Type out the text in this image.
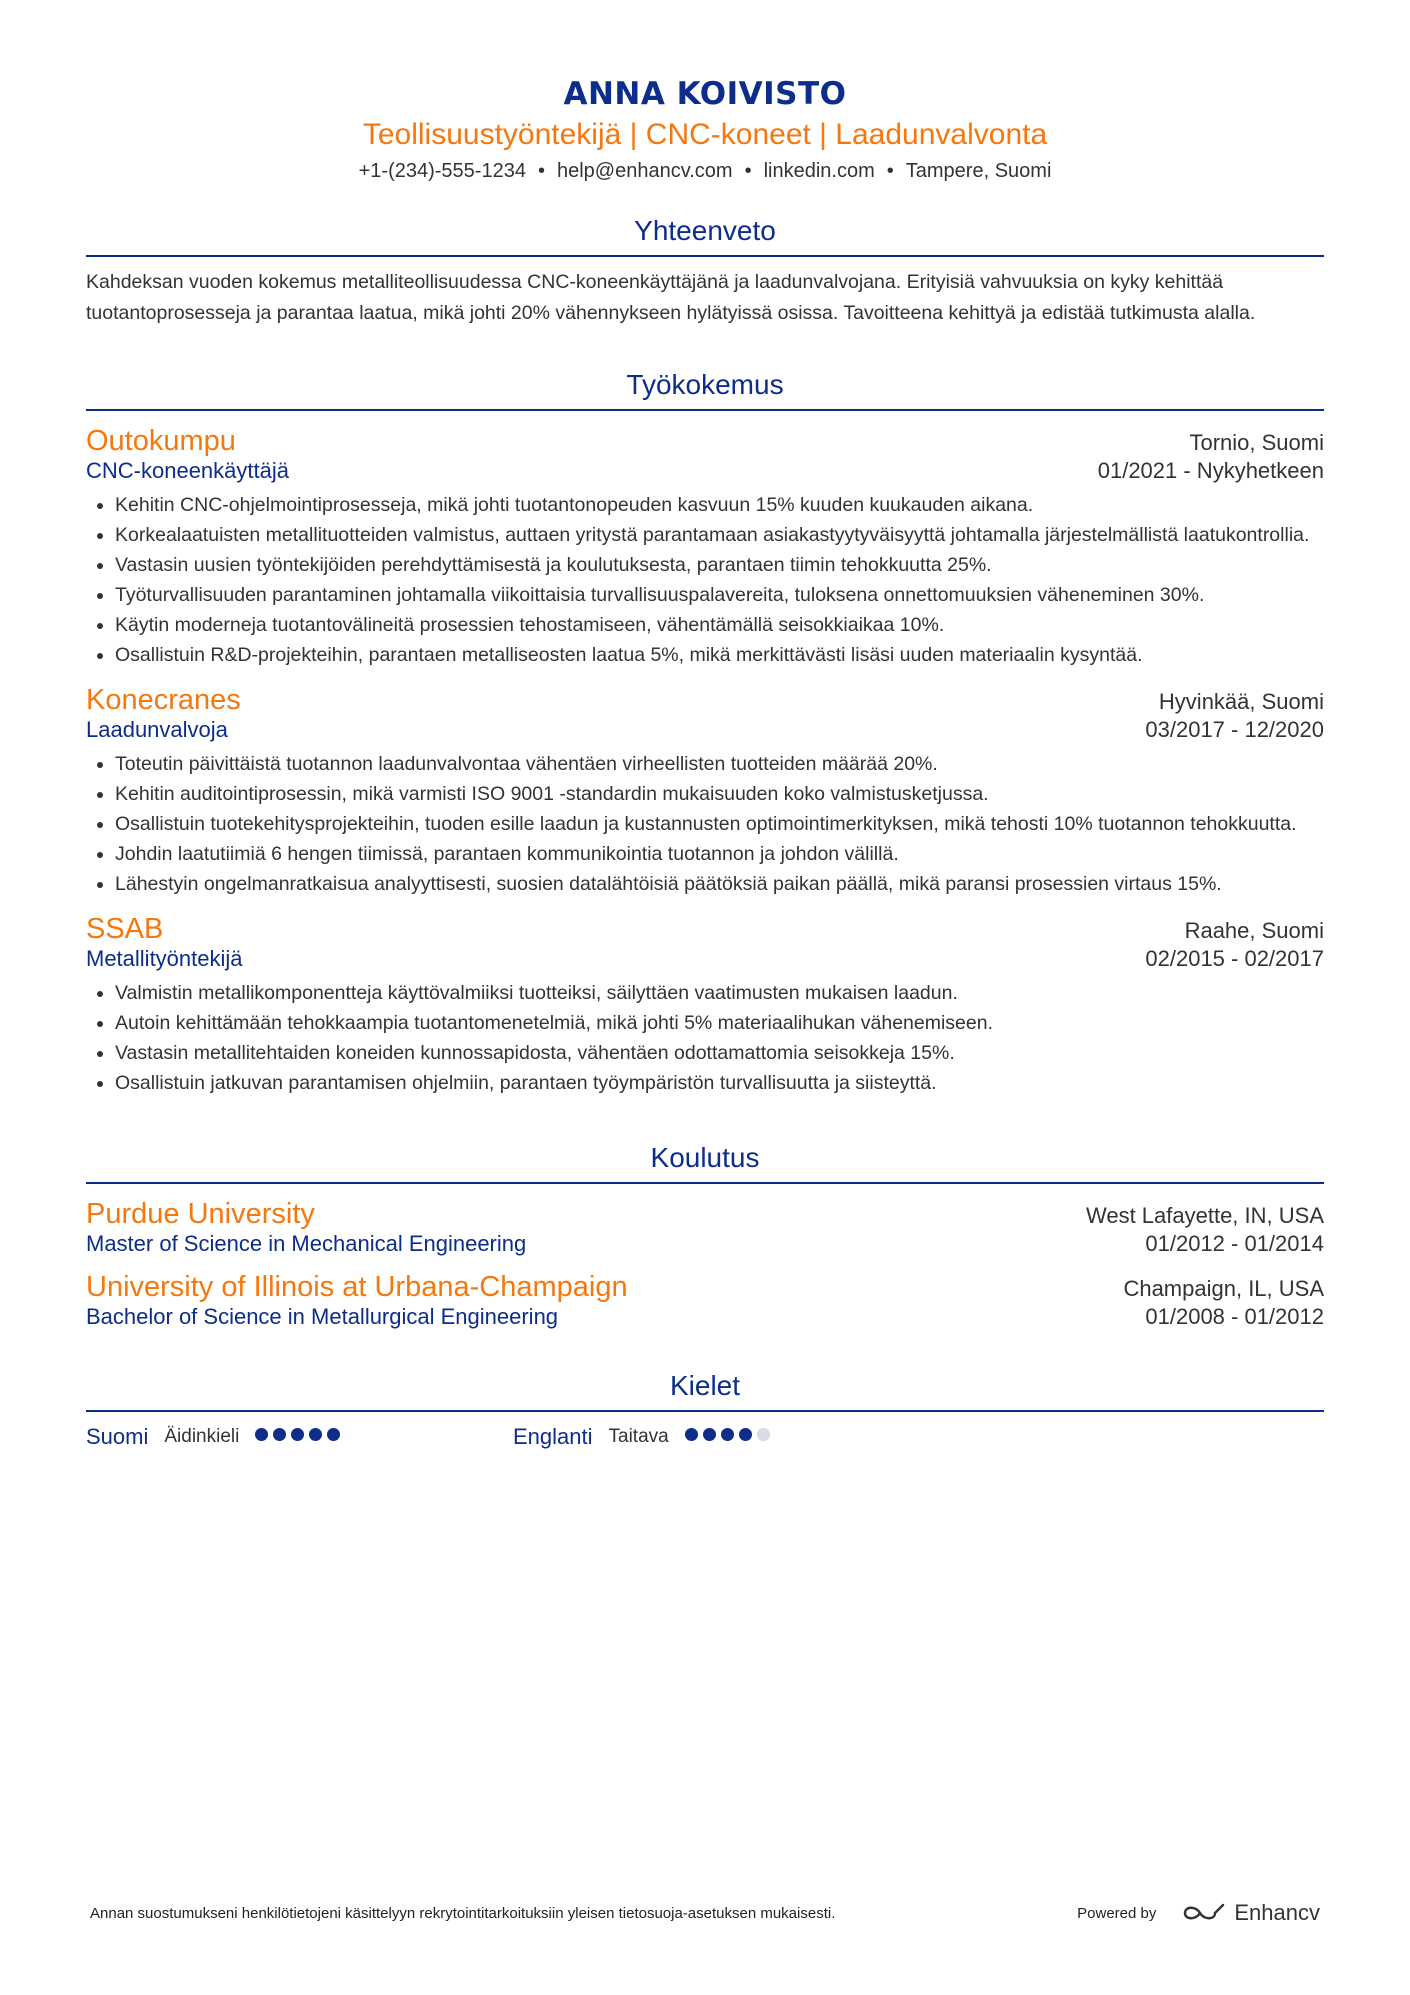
ANNA KOIVISTO
Teollisuustyöntekijä | CNC-koneet | Laadunvalvonta
+1-(234)-555-1234 • help@enhancv.com • linkedin.com • Tampere, Suomi
Yhteenveto
Kahdeksan vuoden kokemus metalliteollisuudessa CNC-koneenkäyttäjänä ja laadunvalvojana. Erityisiä vahvuuksia on kyky kehittää tuotantoprosesseja ja parantaa laatua, mikä johti 20% vähennykseen hylätyissä osissa. Tavoitteena kehittyä ja edistää tutkimusta alalla.
Työkokemus
Outokumpu	Tornio, Suomi
CNC-koneenkäyttäjä	01/2021 - Nykyhetkeen
• Kehitin CNC-ohjelmointiprosesseja, mikä johti tuotantonopeuden kasvuun 15% kuuden kuukauden aikana.
• Korkealaatuisten metallituotteiden valmistus, auttaen yritystä parantamaan asiakastyytyväisyyttä johtamalla järjestelmällistä laatukontrollia.
• Vastasin uusien työntekijöiden perehdyttämisestä ja koulutuksesta, parantaen tiimin tehokkuutta 25%.
• Työturvallisuuden parantaminen johtamalla viikoittaisia turvallisuuspalavereita, tuloksena onnettomuuksien väheneminen 30%.
• Käytin moderneja tuotantovälineitä prosessien tehostamiseen, vähentämällä seisokkiaikaa 10%.
• Osallistuin R&D-projekteihin, parantaen metalliseosten laatua 5%, mikä merkittävästi lisäsi uuden materiaalin kysyntää.
Konecranes	Hyvinkää, Suomi
Laadunvalvoja	03/2017 - 12/2020
• Toteutin päivittäistä tuotannon laadunvalvontaa vähentäen virheellisten tuotteiden määrää 20%.
• Kehitin auditointiprosessin, mikä varmisti ISO 9001 -standardin mukaisuuden koko valmistusketjussa.
• Osallistuin tuotekehitysprojekteihin, tuoden esille laadun ja kustannusten optimointimerkityksen, mikä tehosti 10% tuotannon tehokkuutta.
• Johdin laatutiimiä 6 hengen tiimissä, parantaen kommunikointia tuotannon ja johdon välillä.
• Lähestyin ongelmanratkaisua analyyttisesti, suosien datalähtöisiä päätöksiä paikan päällä, mikä paransi prosessien virtaus 15%.
SSAB	Raahe, Suomi
Metallityöntekijä	02/2015 - 02/2017
• Valmistin metallikomponentteja käyttövalmiiksi tuotteiksi, säilyttäen vaatimusten mukaisen laadun.
• Autoin kehittämään tehokkaampia tuotantomenetelmiä, mikä johti 5% materiaalihukan vähenemiseen.
• Vastasin metallitehtaiden koneiden kunnossapidosta, vähentäen odottamattomia seisokkeja 15%.
• Osallistuin jatkuvan parantamisen ohjelmiin, parantaen työympäristön turvallisuutta ja siisteyttä.
Koulutus
Purdue University	West Lafayette, IN, USA
Master of Science in Mechanical Engineering	01/2012 - 01/2014
University of Illinois at Urbana-Champaign	Champaign, IL, USA
Bachelor of Science in Metallurgical Engineering	01/2008 - 01/2012
Kielet
Suomi Äidinkieli	Englanti Taitava
Annan suostumukseni henkilötietojeni käsittelyyn rekrytointitarkoituksiin yleisen tietosuoja-asetuksen mukaisesti.	Powered by	Enhancv
